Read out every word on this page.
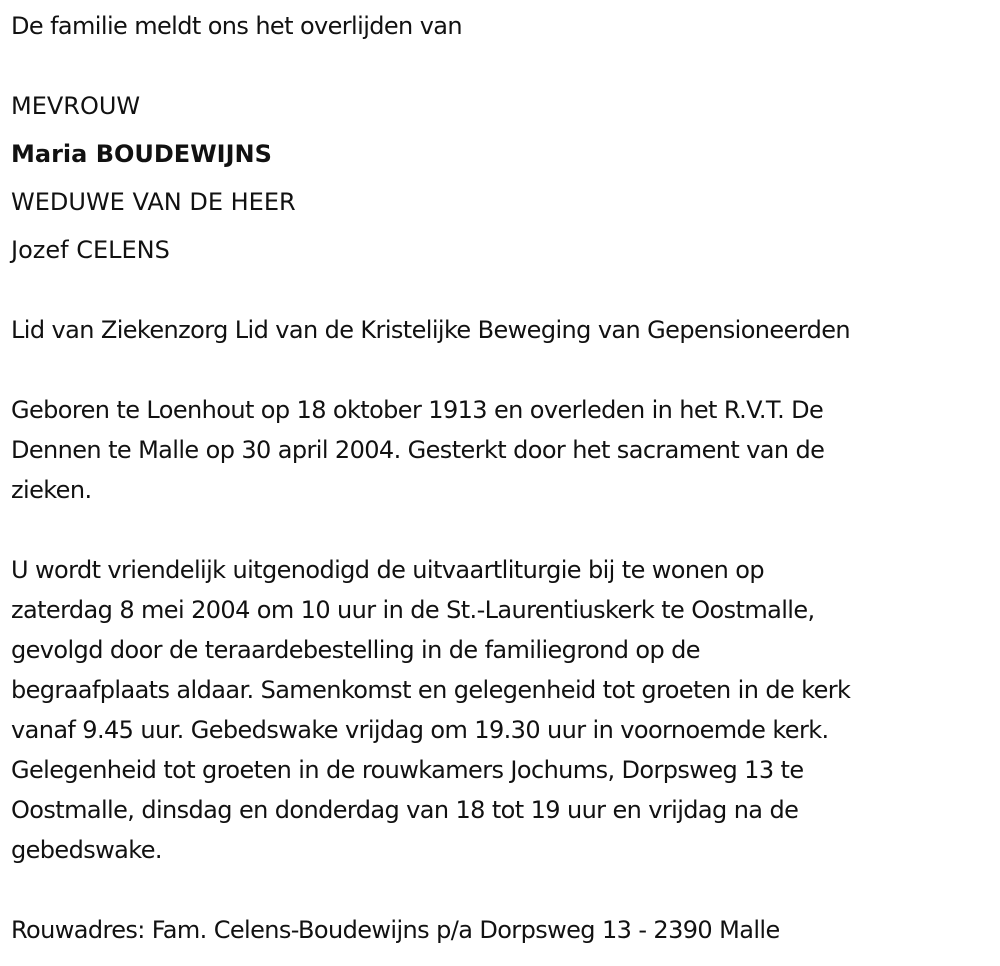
De familie meldt ons het overlijden van
MEVROUW
Maria BOUDEWIJNS
WEDUWE VAN DE HEER
Jozef CELENS
Lid van Ziekenzorg Lid van de Kristelijke Beweging van Gepensioneerden
Geboren te Loenhout op 18 oktober 1913 en overleden in het R.V.T. De
Dennen te Malle op 30 april 2004. Gesterkt door het sacrament van de
zieken.
U wordt vriendelijk uitgenodigd de uitvaartliturgie bij te wonen op
zaterdag 8 mei 2004 om 10 uur in de St.-Laurentiuskerk te Oostmalle,
gevolgd door de teraardebestelling in de familiegrond op de
begraafplaats aldaar. Samenkomst en gelegenheid tot groeten in de kerk
vanaf 9.45 uur. Gebedswake vrijdag om 19.30 uur in voornoemde kerk.
Gelegenheid tot groeten in de rouwkamers Jochums, Dorpsweg 13 te
Oostmalle, dinsdag en donderdag van 18 tot 19 uur en vrijdag na de
gebedswake.
Rouwadres: Fam. Celens-Boudewijns p/a Dorpsweg 13 - 2390 Malle
